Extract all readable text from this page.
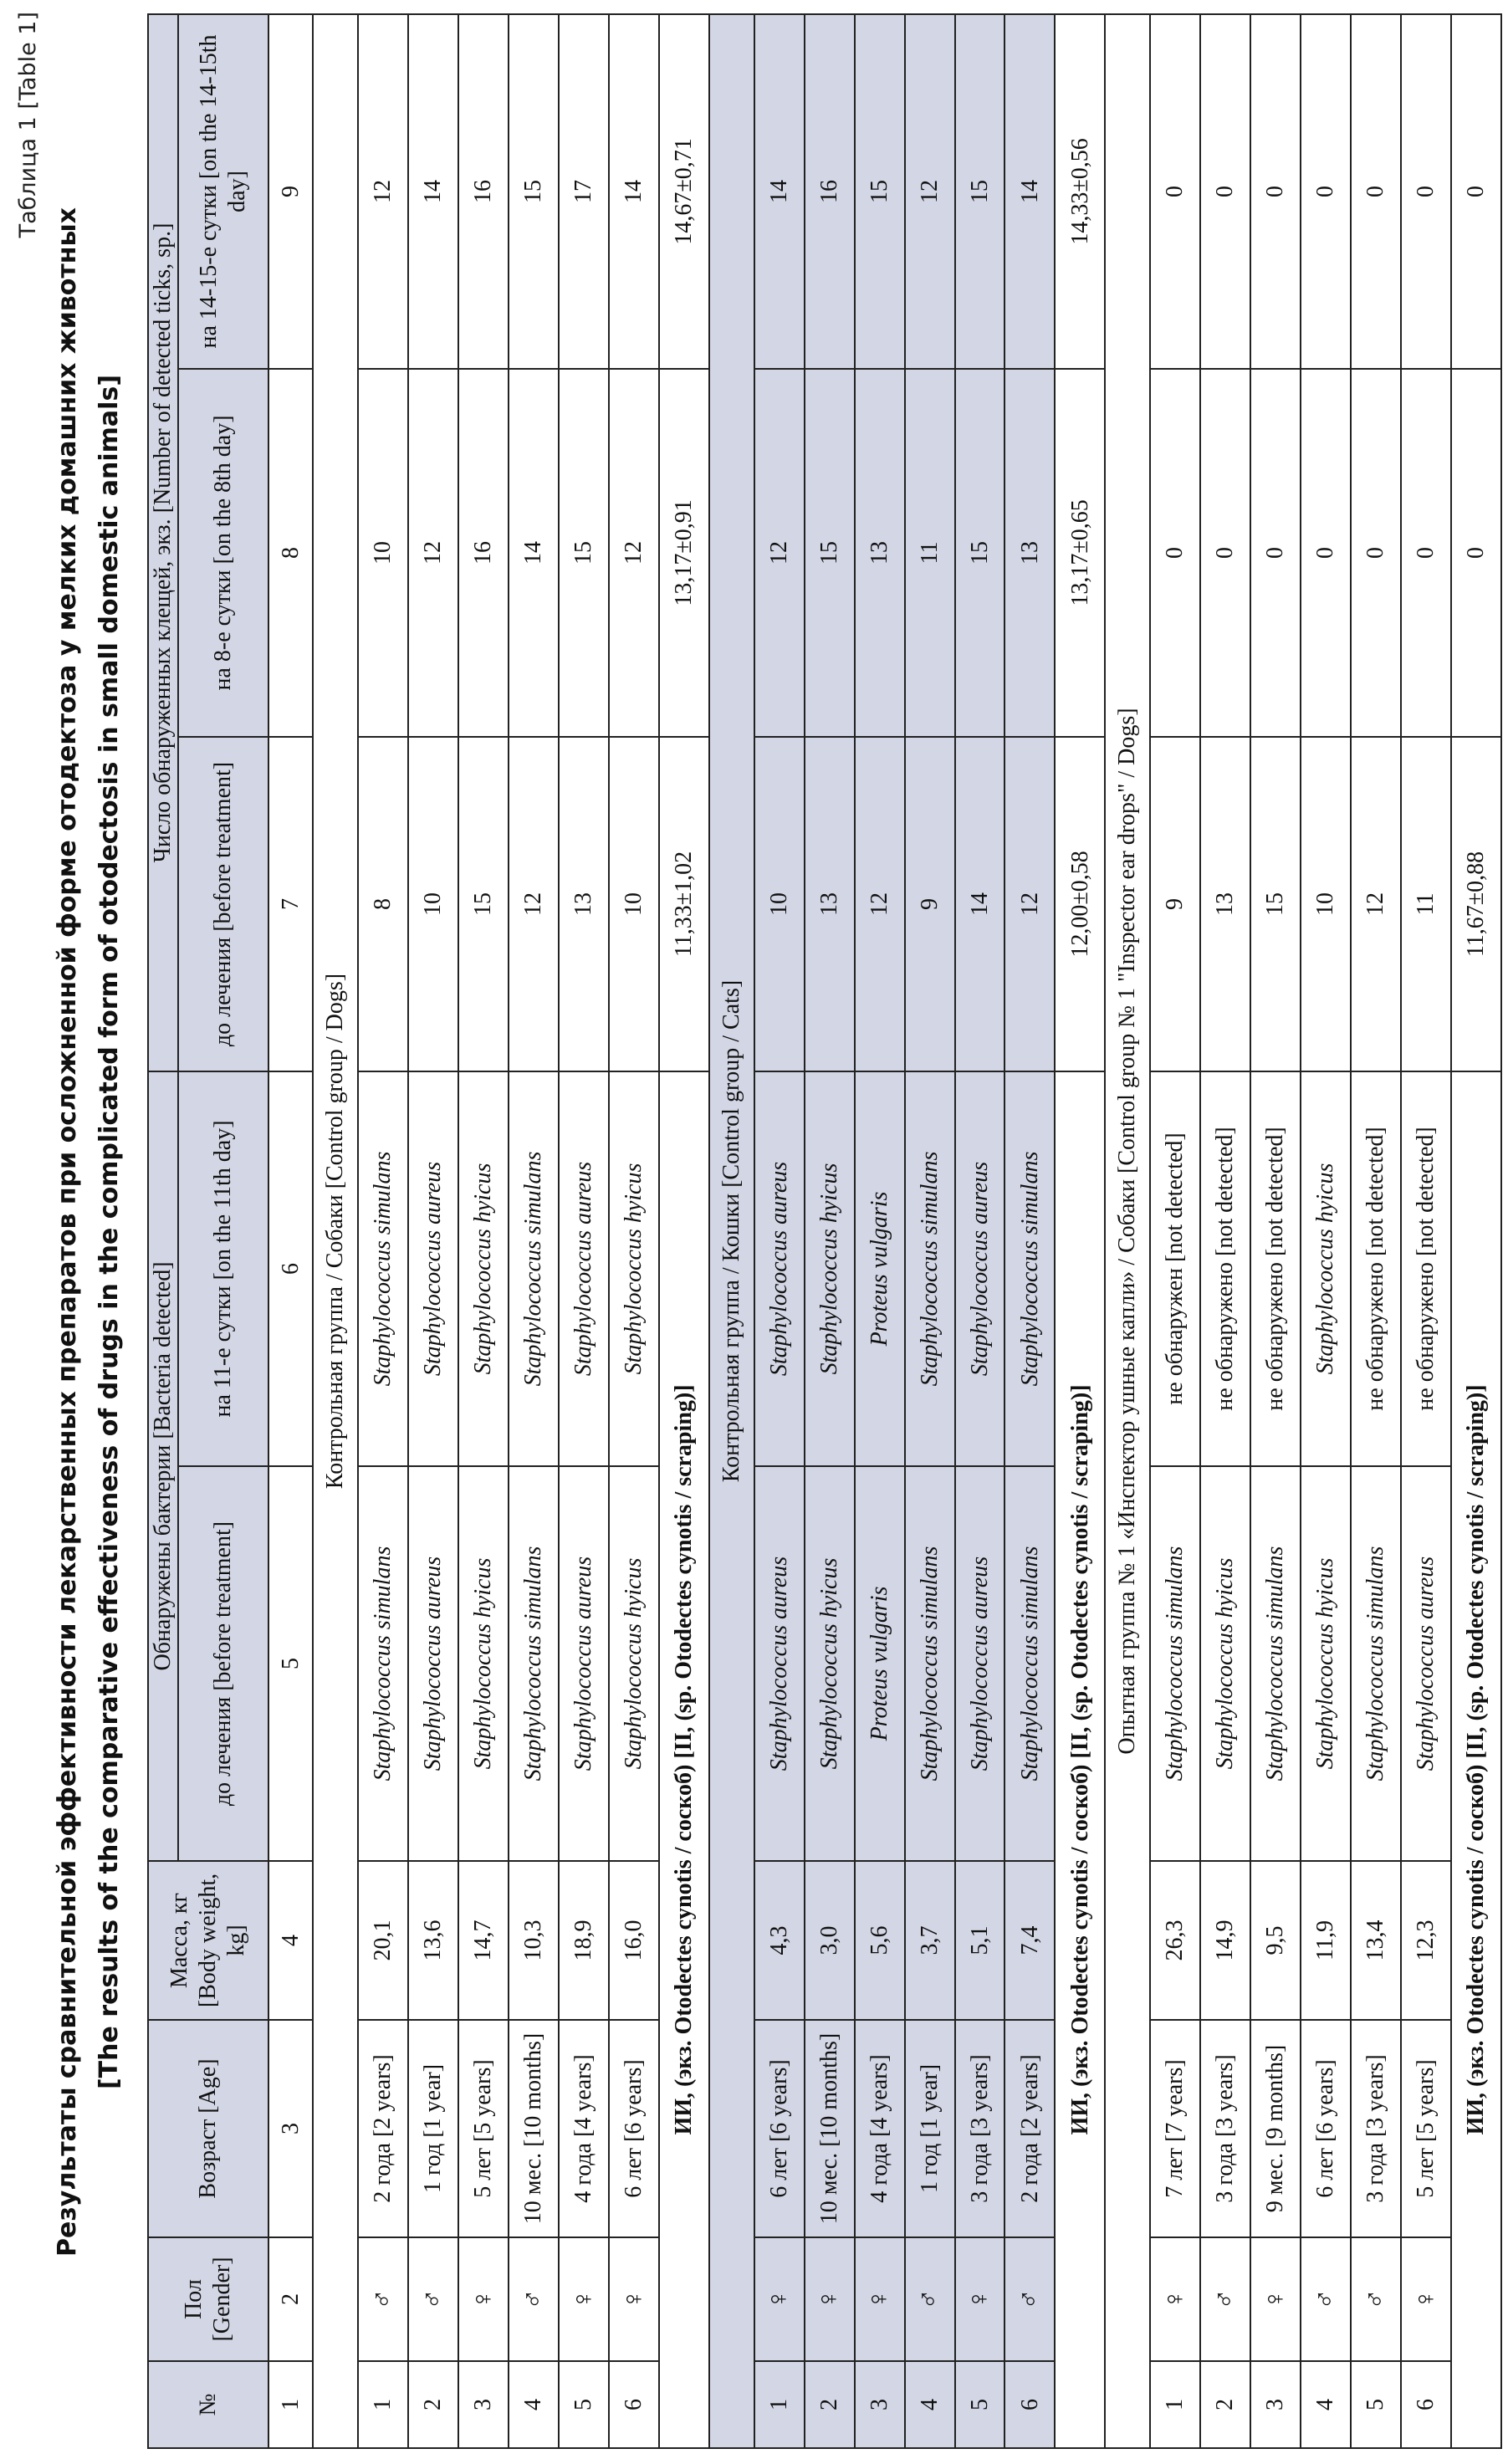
Таблица 1 [Table 1]
Результаты сравнительной эффективности лекарственных препаратов при осложненной форме отодектоза у мелких домашних животных [The results of the comparative effectiveness of drugs in the complicated form of otodectosis in small domestic animals]
№	Пол [Gender]	Возраст [Age]	Масса, кг [Body weight, kg]	Обнаружены бактерии [Bacteria detected]		Число обнаруженных клещей, экз. [Number of detected ticks, sp.]		
				до лечения [before treatment]	на 11-е сутки [on the 11th day]	до лечения [before treatment]	на 8-е сутки [on the 8th day]	на 14-15-е сутки [on the 14-15th day]
1	2	3	4	5	6	7	8	9
Контрольная группа / Собаки [Control group / Dogs]								
1	♂	2 года [2 years]	20,1	Staphylococcus simulans	Staphylococcus simulans	8	10	12
2	♂	1 год [1 year]	13,6	Staphylococcus aureus	Staphylococcus aureus	10	12	14
3	♀	5 лет [5 years]	14,7	Staphylococcus hyicus	Staphylococcus hyicus	15	16	16
4	♂	10 мес. [10 months]	10,3	Staphylococcus simulans	Staphylococcus simulans	12	14	15
5	♀	4 года [4 years]	18,9	Staphylococcus aureus	Staphylococcus aureus	13	15	17
6	♀	6 лет [6 years]	16,0	Staphylococcus hyicus	Staphylococcus hyicus	10	12	14
ИИ, (экз. Otodectes cynotis / соскоб) [II, (sp. Otodectes cynotis / scraping)]						11,33±1,02	13,17±0,91	14,67±0,71
Контрольная группа / Кошки [Control group / Cats]								
1	♀	6 лет [6 years]	4,3	Staphylococcus aureus	Staphylococcus aureus	10	12	14
2	♀	10 мес. [10 months]	3,0	Staphylococcus hyicus	Staphylococcus hyicus	13	15	16
3	♀	4 года [4 years]	5,6	Proteus vulgaris	Proteus vulgaris	12	13	15
4	♂	1 год [1 year]	3,7	Staphylococcus simulans	Staphylococcus simulans	9	11	12
5	♀	3 года [3 years]	5,1	Staphylococcus aureus	Staphylococcus aureus	14	15	15
6	♂	2 года [2 years]	7,4	Staphylococcus simulans	Staphylococcus simulans	12	13	14
ИИ, (экз. Otodectes cynotis / соскоб) [II, (sp. Otodectes cynotis / scraping)]						12,00±0,58	13,17±0,65	14,33±0,56
Опытная группа № 1 «Инспектор ушные капли» / Собаки [Control group № 1 "Inspector ear drops" / Dogs]								
1	♀	7 лет [7 years]	26,3	Staphylococcus simulans	не обнаружен [not detected]	9	0	0
2	♂	3 года [3 years]	14,9	Staphylococcus hyicus	не обнаружено [not detected]	13	0	0
3	♀	9 мес. [9 months]	9,5	Staphylococcus simulans	не обнаружено [not detected]	15	0	0
4	♂	6 лет [6 years]	11,9	Staphylococcus hyicus	Staphylococcus hyicus	10	0	0
5	♂	3 года [3 years]	13,4	Staphylococcus simulans	не обнаружено [not detected]	12	0	0
6	♀	5 лет [5 years]	12,3	Staphylococcus aureus	не обнаружено [not detected]	11	0	0
ИИ, (экз. Otodectes cynotis / соскоб) [II, (sp. Otodectes cynotis / scraping)]						11,67±0,88	0	0
